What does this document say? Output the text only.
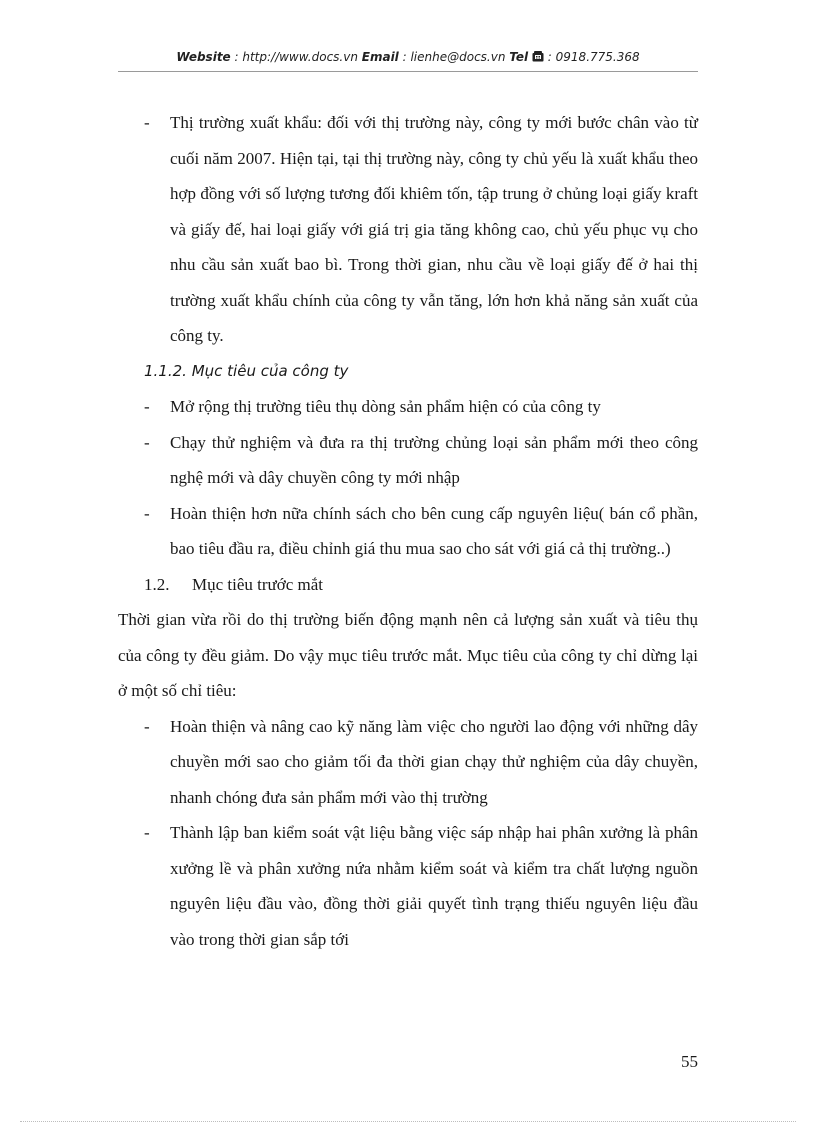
Website : http://www.docs.vn Email : lienhe@docs.vn Tel  : 0918.775.368
- Thị trường xuất khẩu: đối với thị trường này, công ty mới bước chân vào từ cuối năm 2007. Hiện tại, tại thị trường này, công ty chủ yếu là xuất khẩu theo hợp đồng với số lượng tương đối khiêm tốn, tập trung ở chủng loại giấy kraft và giấy đế, hai loại giấy với giá trị gia tăng không cao, chủ yếu phục vụ cho nhu cầu sản xuất bao bì. Trong thời gian, nhu cầu về loại giấy đế ở hai thị trường xuất khẩu chính của công ty vẫn tăng, lớn hơn khả năng sản xuất của công ty.
1.1.2. Mục tiêu của công ty
- Mở rộng thị trường tiêu thụ dòng sản phẩm hiện có của công ty
- Chạy thử nghiệm và đưa ra thị trường chủng loại sản phẩm mới theo công nghệ mới và dây chuyền công ty mới nhập
- Hoàn thiện hơn nữa chính sách cho bên cung cấp nguyên liệu( bán cổ phần, bao tiêu đầu ra, điều chỉnh giá thu mua sao cho sát với giá cả thị trường..)
1.2. Mục tiêu trước mắt
Thời gian vừa rồi do thị trường biến động mạnh nên cả lượng sản xuất và tiêu thụ của công ty đều giảm. Do vậy mục tiêu trước mắt. Mục tiêu của công ty chỉ dừng lại ở một số chỉ tiêu:
- Hoàn thiện và nâng cao kỹ năng làm việc cho người lao động với những dây chuyền mới sao cho giảm tối đa thời gian chạy thử nghiệm của dây chuyền, nhanh chóng đưa sản phẩm mới vào thị trường
- Thành lập ban kiểm soát vật liệu bằng việc sáp nhập hai phân xưởng là phân xưởng lề và phân xưởng nứa nhằm kiểm soát và kiểm tra chất lượng nguồn nguyên liệu đầu vào, đồng thời giải quyết tình trạng thiếu nguyên liệu đầu vào trong thời gian sắp tới
55
